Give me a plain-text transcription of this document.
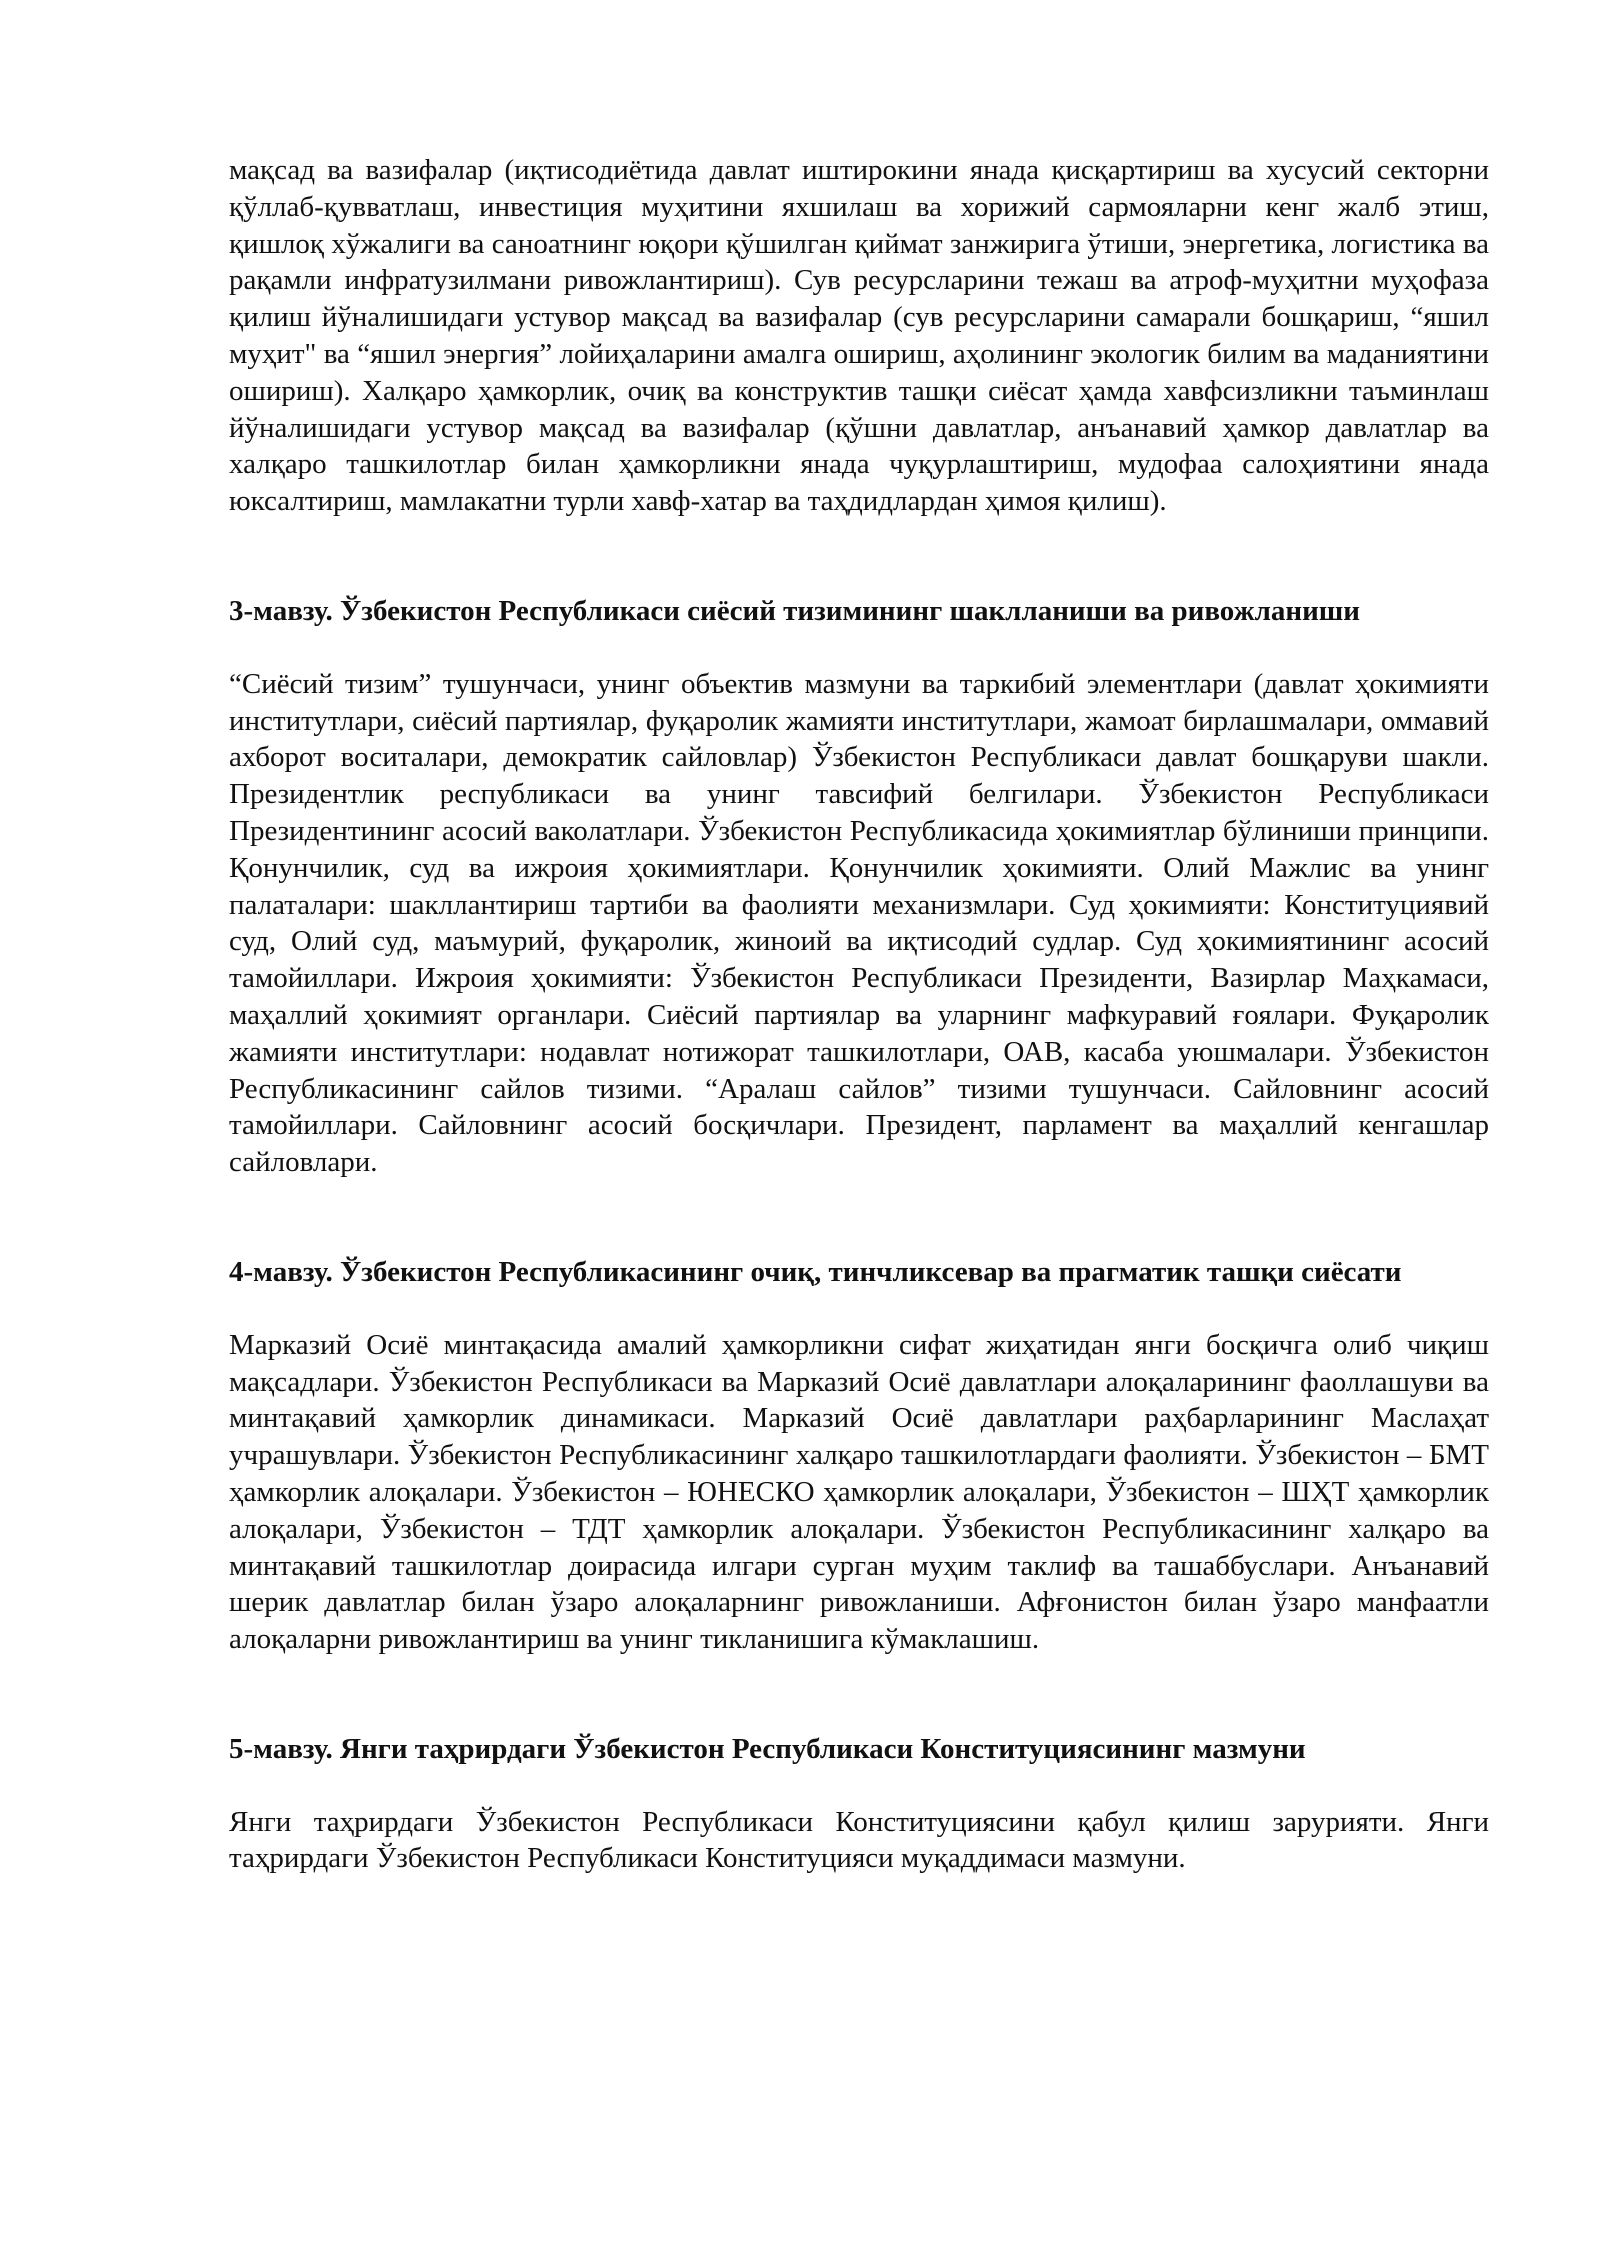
мақсад ва вазифалар (иқтисодиётида давлат иштирокини янада қисқартириш ва хусусий секторни қўллаб-қувватлаш, инвестиция муҳитини яхшилаш ва хорижий сармояларни кенг жалб этиш, қишлоқ хўжалиги ва саноатнинг юқори қўшилган қиймат занжирига ўтиши, энергетика, логистика ва рақамли инфратузилмани ривожлантириш). Сув ресурсларини тежаш ва атроф-муҳитни муҳофаза қилиш йўналишидаги устувор мақсад ва вазифалар (сув ресурсларини самарали бошқариш, “яшил муҳит" ва “яшил энергия” лойиҳаларини амалга ошириш, аҳолининг экологик билим ва маданиятини ошириш). Халқаро ҳамкорлик, очиқ ва конструктив ташқи сиёсат ҳамда хавфсизликни таъминлаш йўналишидаги устувор мақсад ва вазифалар (қўшни давлатлар, анъанавий ҳамкор давлатлар ва халқаро ташкилотлар билан ҳамкорликни янада чуқурлаштириш, мудофаа салоҳиятини янада юксалтириш, мамлакатни турли хавф-хатар ва таҳдидлардан ҳимоя қилиш).

3-мавзу. Ўзбекистон Республикаси сиёсий тизимининг шаклланиши ва ривожланиши

“Сиёсий тизим” тушунчаси, унинг объектив мазмуни ва таркибий элементлари (давлат ҳокимияти институтлари, сиёсий партиялар, фуқаролик жамияти институтлари, жамоат бирлашмалари, оммавий ахборот воситалари, демократик сайловлар) Ўзбекистон Республикаси давлат бошқаруви шакли. Президентлик республикаси ва унинг тавсифий белгилари. Ўзбекистон Республикаси Президентининг асосий ваколатлари. Ўзбекистон Республикасида ҳокимиятлар бўлиниши принципи. Қонунчилик, суд ва ижроия ҳокимиятлари. Қонунчилик ҳокимияти. Олий Мажлис ва унинг палаталари: шакллантириш тартиби ва фаолияти механизмлари. Суд ҳокимияти: Конституциявий суд, Олий суд, маъмурий, фуқаролик, жиноий ва иқтисодий судлар. Суд ҳокимиятининг асосий тамойиллари. Ижроия ҳокимияти: Ўзбекистон Республикаси Президенти, Вазирлар Маҳкамаси, маҳаллий ҳокимият органлари. Сиёсий партиялар ва уларнинг мафкуравий ғоялари. Фуқаролик жамияти институтлари: нодавлат нотижорат ташкилотлари, ОАВ, касаба уюшмалари. Ўзбекистон Республикасининг сайлов тизими. “Аралаш сайлов” тизими тушунчаси. Сайловнинг асосий тамойиллари. Сайловнинг асосий босқичлари. Президент, парламент ва маҳаллий кенгашлар сайловлари.

4-мавзу. Ўзбекистон Республикасининг очиқ, тинчликсевар ва прагматик ташқи сиёсати

Марказий Осиё минтақасида амалий ҳамкорликни сифат жиҳатидан янги босқичга олиб чиқиш мақсадлари. Ўзбекистон Республикаси ва Марказий Осиё давлатлари алоқаларининг фаоллашуви ва минтақавий ҳамкорлик динамикаси. Марказий Осиё давлатлари раҳбарларининг Маслаҳат учрашувлари. Ўзбекистон Республикасининг халқаро ташкилотлардаги фаолияти. Ўзбекистон – БМТ ҳамкорлик алоқалари. Ўзбекистон – ЮНЕСКО ҳамкорлик алоқалари, Ўзбекистон – ШҲТ ҳамкорлик алоқалари, Ўзбекистон – ТДТ ҳамкорлик алоқалари. Ўзбекистон Республикасининг халқаро ва минтақавий ташкилотлар доирасида илгари сурган муҳим таклиф ва ташаббуслари. Анъанавий шерик давлатлар билан ўзаро алоқаларнинг ривожланиши. Афғонистон билан ўзаро манфаатли алоқаларни ривожлантириш ва унинг тикланишига кўмаклашиш.

5-мавзу. Янги таҳрирдаги Ўзбекистон Республикаси Конституциясининг мазмуни

Янги таҳрирдаги Ўзбекистон Республикаси Конституциясини қабул қилиш зарурияти. Янги таҳрирдаги Ўзбекистон Республикаси Конституцияси муқаддимаси мазмуни.
